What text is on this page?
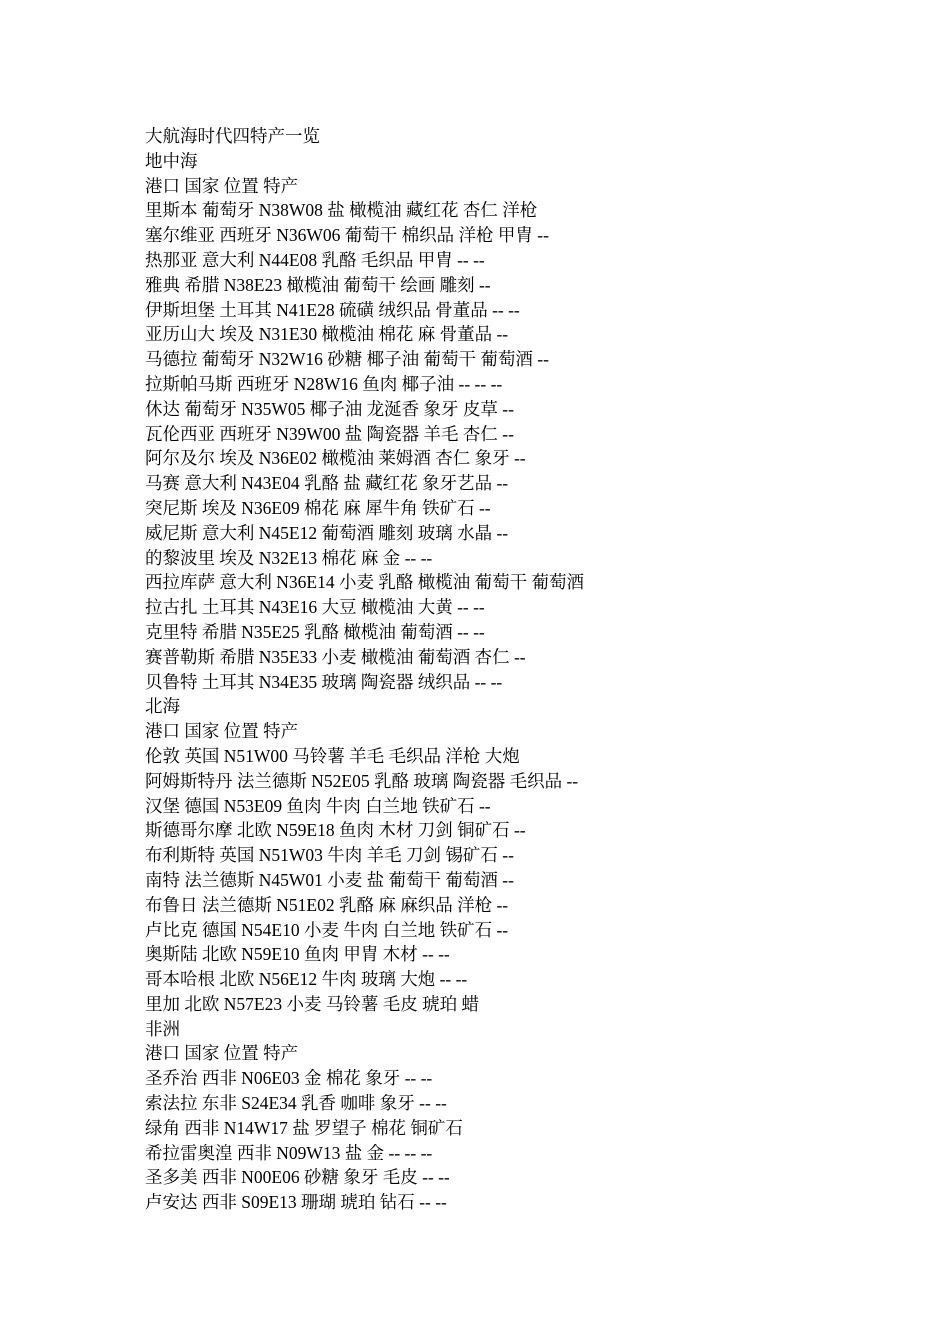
大航海时代四特产一览
地中海
港口 国家 位置 特产
里斯本 葡萄牙 N38W08 盐 橄榄油 藏红花 杏仁 洋枪
塞尔维亚 西班牙 N36W06 葡萄干 棉织品 洋枪 甲胄 --
热那亚 意大利 N44E08 乳酪 毛织品 甲胄 -- --
雅典 希腊 N38E23 橄榄油 葡萄干 绘画 雕刻 --
伊斯坦堡 土耳其 N41E28 硫磺 绒织品 骨董品 -- --
亚历山大 埃及 N31E30 橄榄油 棉花 麻 骨董品 --
马德拉 葡萄牙 N32W16 砂糖 椰子油 葡萄干 葡萄酒 --
拉斯帕马斯 西班牙 N28W16 鱼肉 椰子油 -- -- --
休达 葡萄牙 N35W05 椰子油 龙涎香 象牙 皮草 --
瓦伦西亚 西班牙 N39W00 盐 陶瓷器 羊毛 杏仁 --
阿尔及尔 埃及 N36E02 橄榄油 莱姆酒 杏仁 象牙 --
马赛 意大利 N43E04 乳酪 盐 藏红花 象牙艺品 --
突尼斯 埃及 N36E09 棉花 麻 犀牛角 铁矿石 --
威尼斯 意大利 N45E12 葡萄酒 雕刻 玻璃 水晶 --
的黎波里 埃及 N32E13 棉花 麻 金 -- --
西拉库萨 意大利 N36E14 小麦 乳酪 橄榄油 葡萄干 葡萄酒
拉古扎 土耳其 N43E16 大豆 橄榄油 大黄 -- --
克里特 希腊 N35E25 乳酪 橄榄油 葡萄酒 -- --
赛普勒斯 希腊 N35E33 小麦 橄榄油 葡萄酒 杏仁 --
贝鲁特 土耳其 N34E35 玻璃 陶瓷器 绒织品 -- --
北海
港口 国家 位置 特产
伦敦 英国 N51W00 马铃薯 羊毛 毛织品 洋枪 大炮
阿姆斯特丹 法兰德斯 N52E05 乳酪 玻璃 陶瓷器 毛织品 --
汉堡 德国 N53E09 鱼肉 牛肉 白兰地 铁矿石 --
斯德哥尔摩 北欧 N59E18 鱼肉 木材 刀剑 铜矿石 --
布利斯特 英国 N51W03 牛肉 羊毛 刀剑 锡矿石 --
南特 法兰德斯 N45W01 小麦 盐 葡萄干 葡萄酒 --
布鲁日 法兰德斯 N51E02 乳酪 麻 麻织品 洋枪 --
卢比克 德国 N54E10 小麦 牛肉 白兰地 铁矿石 --
奥斯陆 北欧 N59E10 鱼肉 甲胄 木材 -- --
哥本哈根 北欧 N56E12 牛肉 玻璃 大炮 -- --
里加 北欧 N57E23 小麦 马铃薯 毛皮 琥珀 蜡
非洲
港口 国家 位置 特产
圣乔治 西非 N06E03 金 棉花 象牙 -- --
索法拉 东非 S24E34 乳香 咖啡 象牙 -- --
绿角 西非 N14W17 盐 罗望子 棉花 铜矿石
希拉雷奥湟 西非 N09W13 盐 金 -- -- --
圣多美 西非 N00E06 砂糖 象牙 毛皮 -- --
卢安达 西非 S09E13 珊瑚 琥珀 钻石 -- --
